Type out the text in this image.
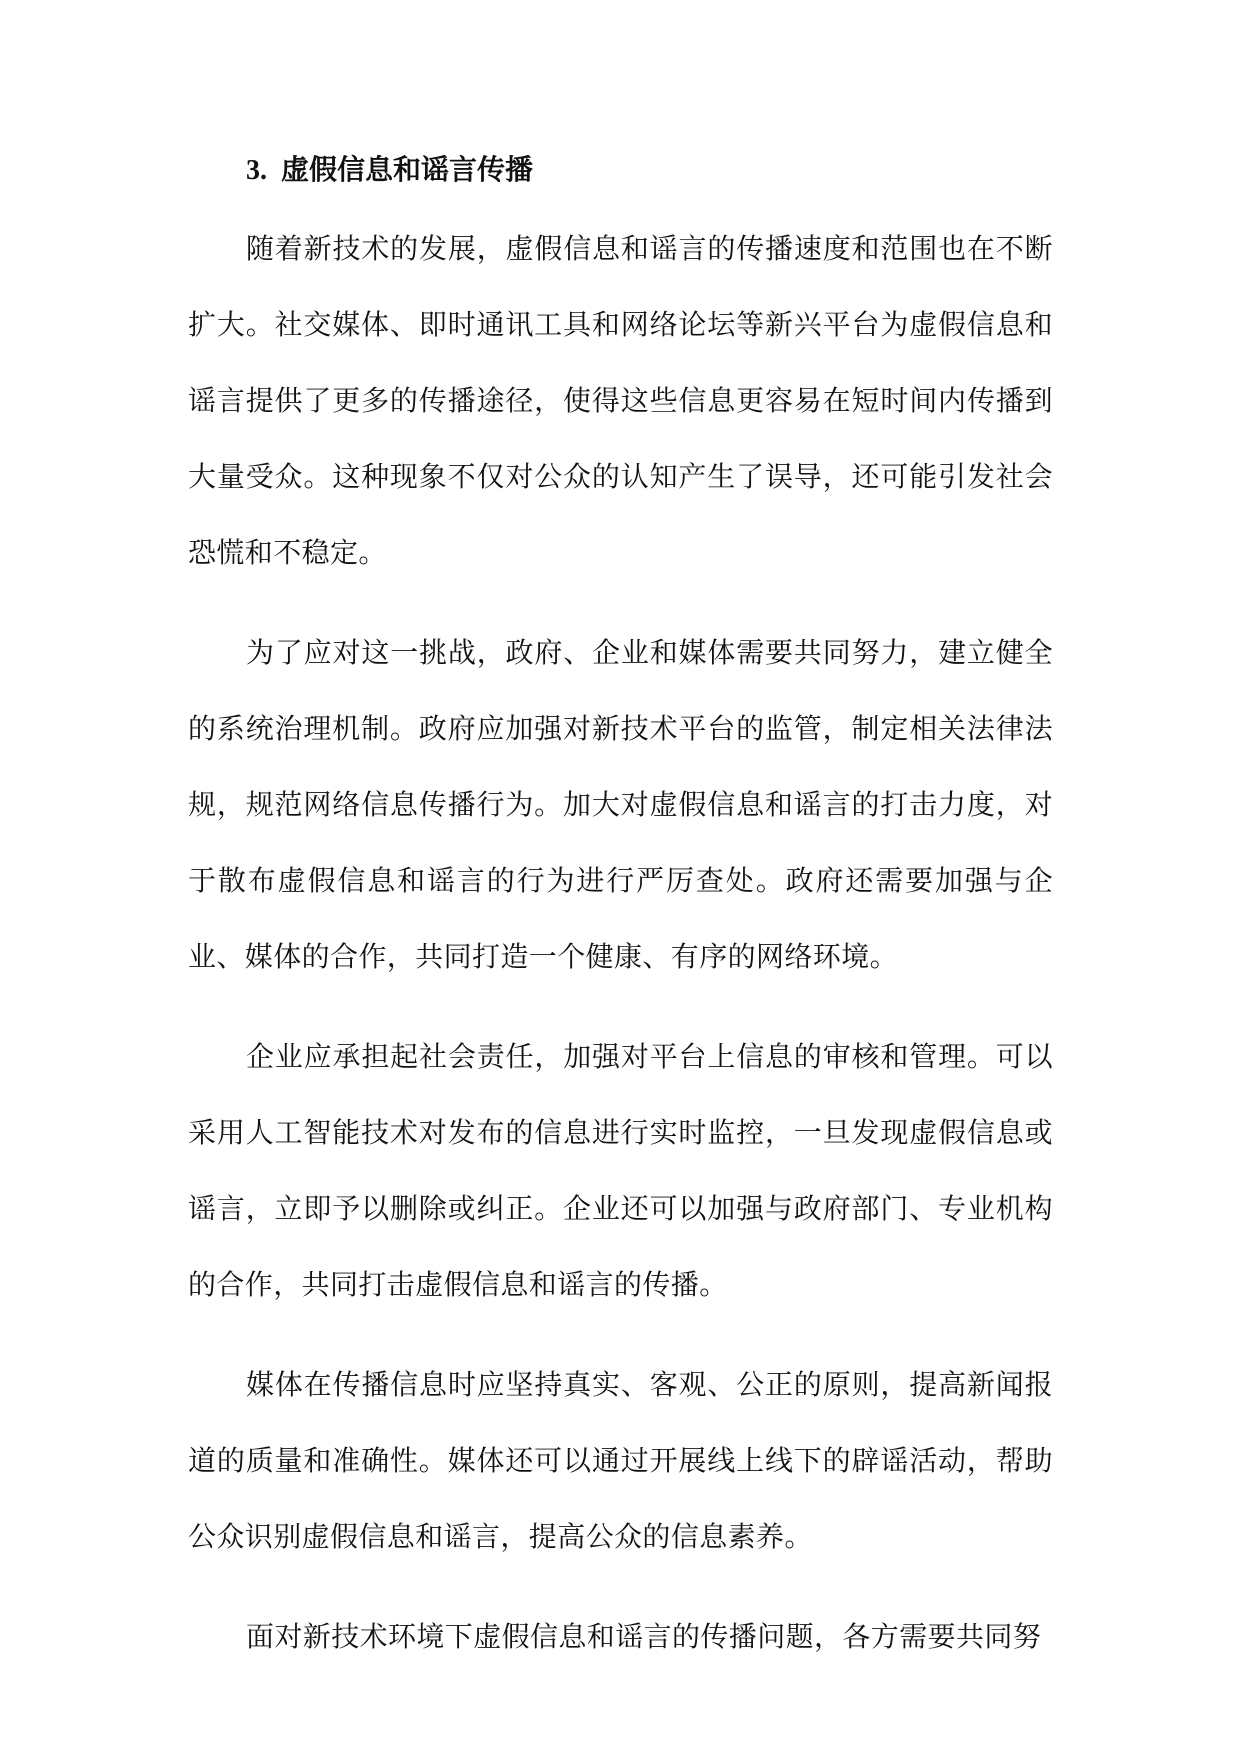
3. 虚假信息和谣言传播

随着新技术的发展，虚假信息和谣言的传播速度和范围也在不断扩大。社交媒体、即时通讯工具和网络论坛等新兴平台为虚假信息和谣言提供了更多的传播途径，使得这些信息更容易在短时间内传播到大量受众。这种现象不仅对公众的认知产生了误导，还可能引发社会恐慌和不稳定。

为了应对这一挑战，政府、企业和媒体需要共同努力，建立健全的系统治理机制。政府应加强对新技术平台的监管，制定相关法律法规，规范网络信息传播行为。加大对虚假信息和谣言的打击力度，对于散布虚假信息和谣言的行为进行严厉查处。政府还需要加强与企业、媒体的合作，共同打造一个健康、有序的网络环境。

企业应承担起社会责任，加强对平台上信息的审核和管理。可以采用人工智能技术对发布的信息进行实时监控，一旦发现虚假信息或谣言，立即予以删除或纠正。企业还可以加强与政府部门、专业机构的合作，共同打击虚假信息和谣言的传播。

媒体在传播信息时应坚持真实、客观、公正的原则，提高新闻报道的质量和准确性。媒体还可以通过开展线上线下的辟谣活动，帮助公众识别虚假信息和谣言，提高公众的信息素养。

面对新技术环境下虚假信息和谣言的传播问题，各方需要共同努
